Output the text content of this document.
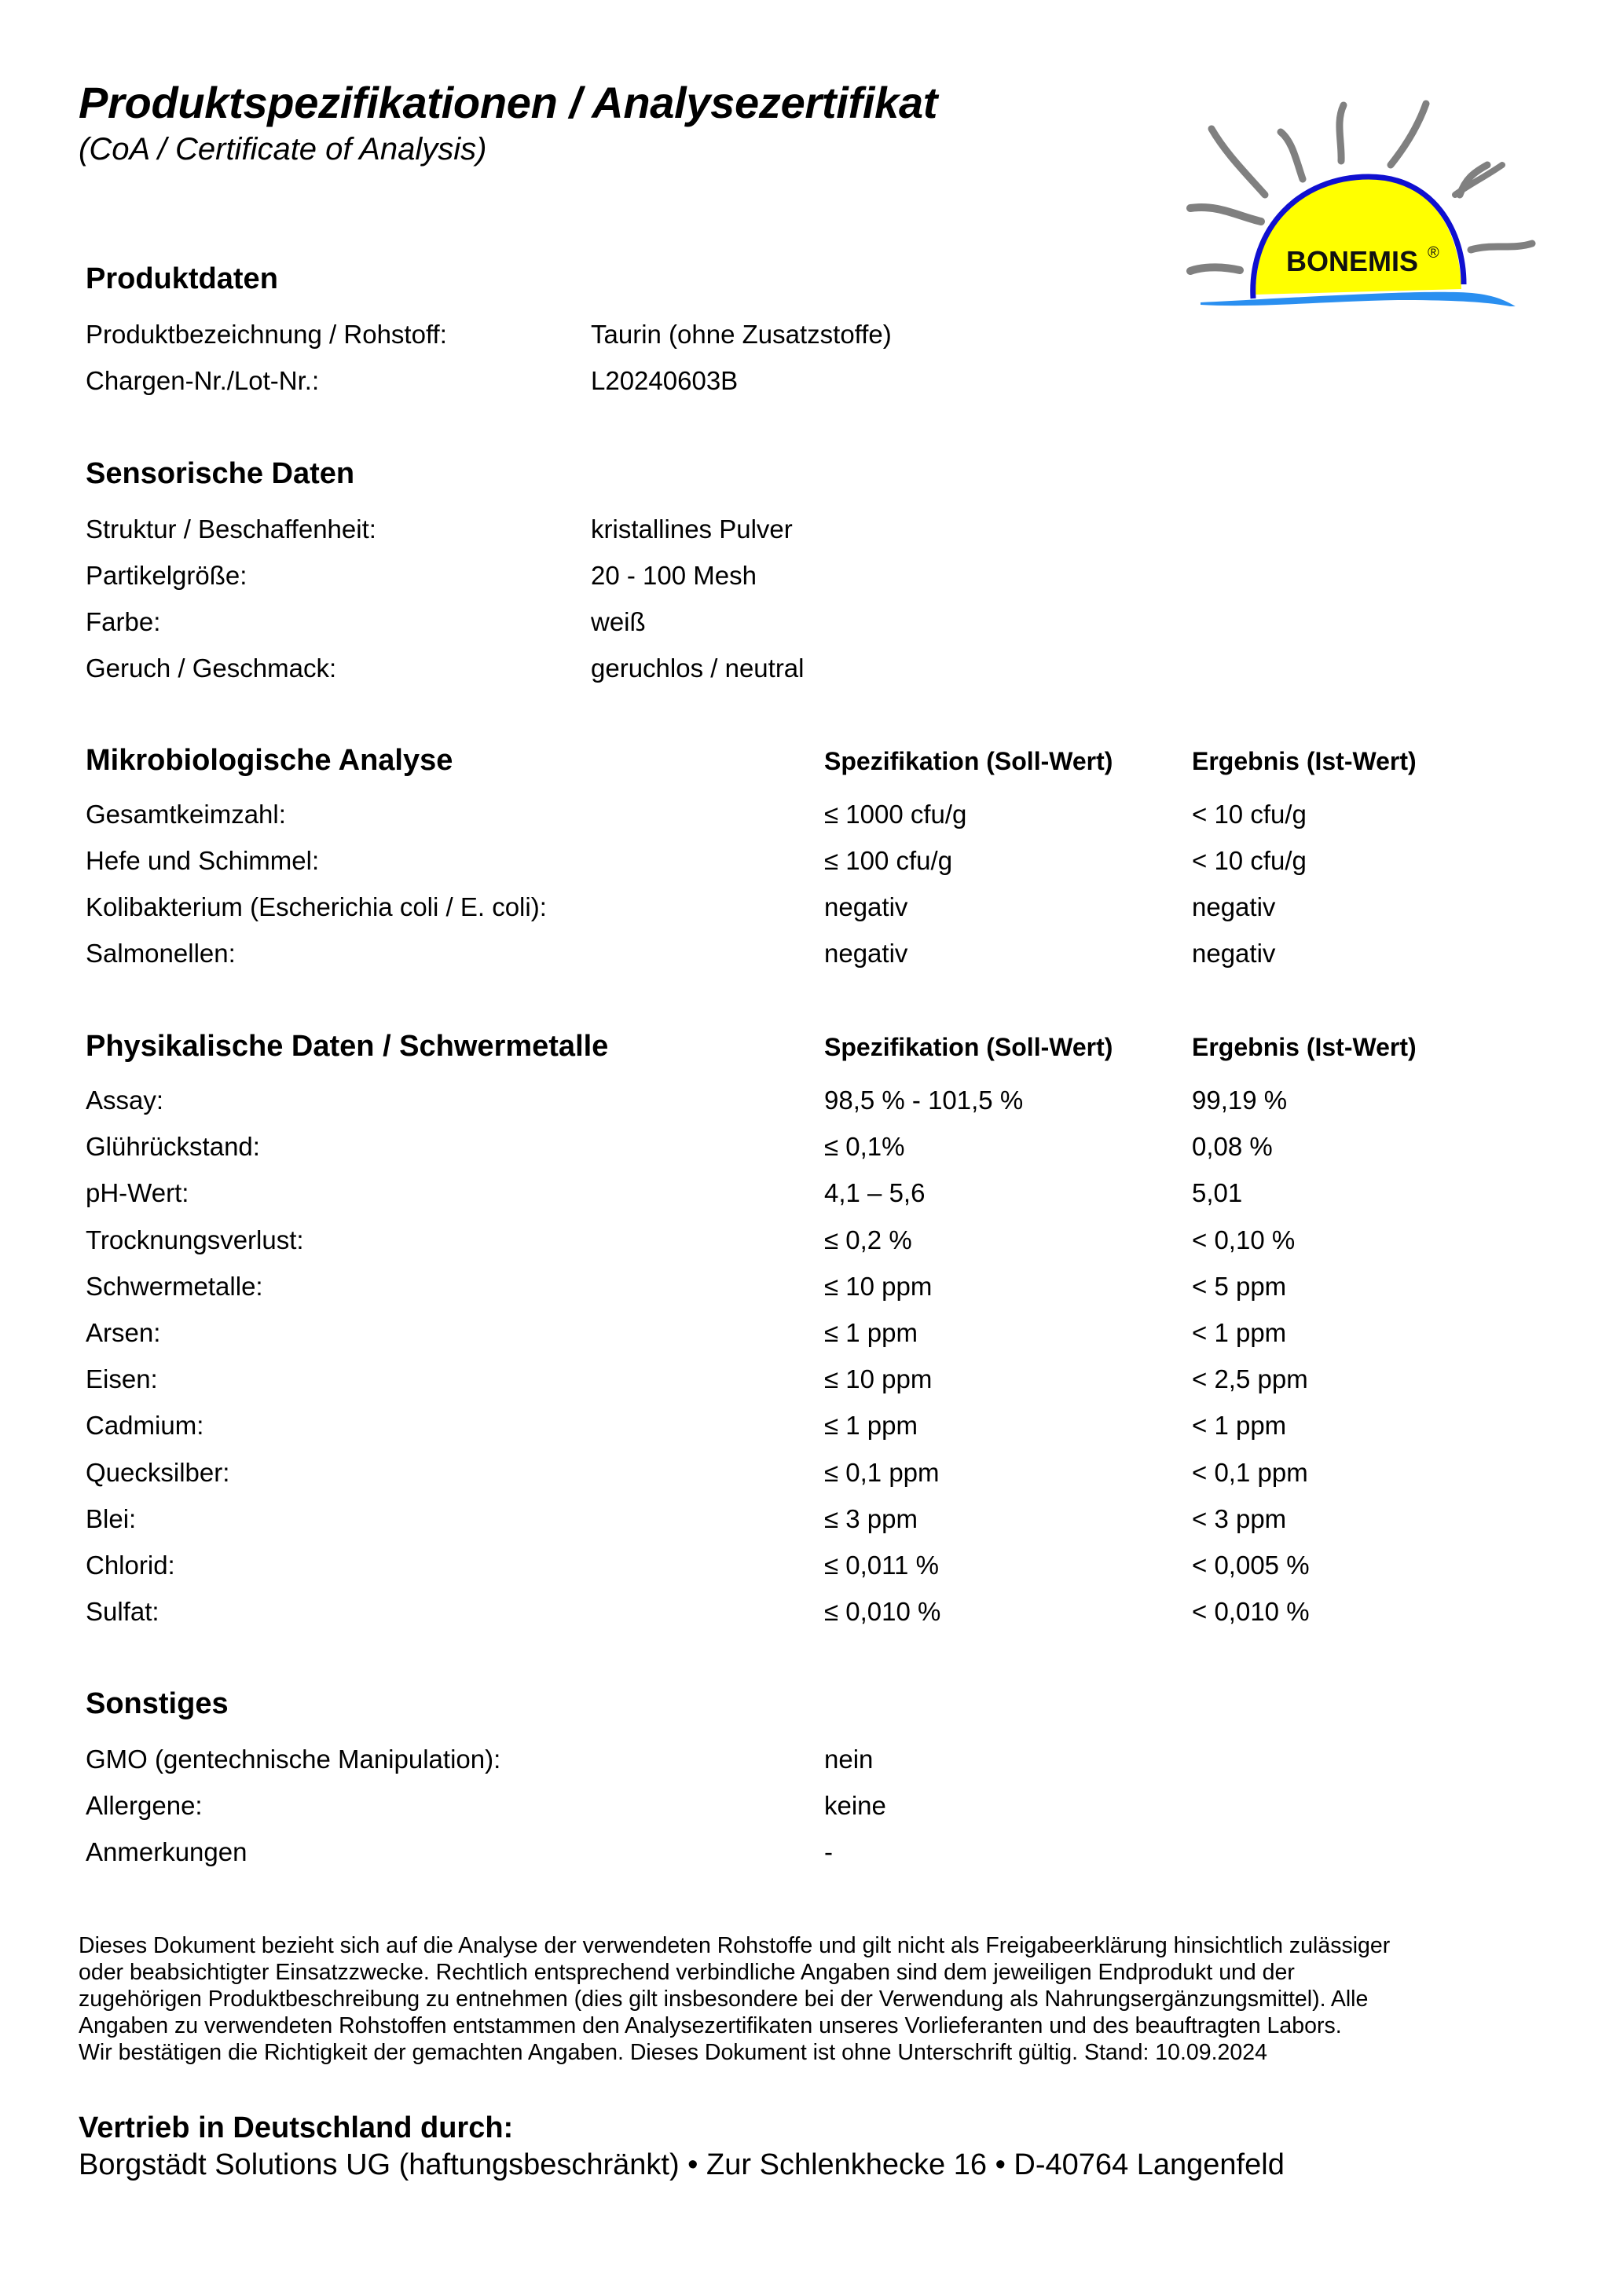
Produktspezifikationen / Analysezertifikat
(CoA / Certificate of Analysis)
BONEMIS ®
Produktdaten
Produktbezeichnung / Rohstoff:	Taurin (ohne Zusatzstoffe)
Chargen-Nr./Lot-Nr.:	L20240603B
Sensorische Daten
Struktur / Beschaffenheit:	kristallines Pulver
Partikelgröße:	20 - 100 Mesh
Farbe:	weiß
Geruch / Geschmack:	geruchlos / neutral
Mikrobiologische Analyse	Spezifikation (Soll-Wert)	Ergebnis (Ist-Wert)
Gesamtkeimzahl:	≤ 1000 cfu/g	< 10 cfu/g
Hefe und Schimmel:	≤ 100 cfu/g	< 10 cfu/g
Kolibakterium (Escherichia coli / E. coli):	negativ	negativ
Salmonellen:	negativ	negativ
Physikalische Daten / Schwermetalle	Spezifikation (Soll-Wert)	Ergebnis (Ist-Wert)
Assay:	98,5 % - 101,5 %	99,19 %
Glührückstand:	≤ 0,1%	0,08 %
pH-Wert:	4,1 – 5,6	5,01
Trocknungsverlust:	≤ 0,2 %	< 0,10 %
Schwermetalle:	≤ 10 ppm	< 5 ppm
Arsen:	≤ 1 ppm	< 1 ppm
Eisen:	≤ 10 ppm	< 2,5 ppm
Cadmium:	≤ 1 ppm	< 1 ppm
Quecksilber:	≤ 0,1 ppm	< 0,1 ppm
Blei:	≤ 3 ppm	< 3 ppm
Chlorid:	≤ 0,011 %	< 0,005 %
Sulfat:	≤ 0,010 %	< 0,010 %
Sonstiges
GMO (gentechnische Manipulation):	nein
Allergene:	keine
Anmerkungen	-
Dieses Dokument bezieht sich auf die Analyse der verwendeten Rohstoffe und gilt nicht als Freigabeerklärung hinsichtlich zulässiger
oder beabsichtigter Einsatzzwecke. Rechtlich entsprechend verbindliche Angaben sind dem jeweiligen Endprodukt und der
zugehörigen Produktbeschreibung zu entnehmen (dies gilt insbesondere bei der Verwendung als Nahrungsergänzungsmittel). Alle
Angaben zu verwendeten Rohstoffen entstammen den Analysezertifikaten unseres Vorlieferanten und des beauftragten Labors.
Wir bestätigen die Richtigkeit der gemachten Angaben. Dieses Dokument ist ohne Unterschrift gültig. Stand: 10.09.2024
Vertrieb in Deutschland durch:
Borgstädt Solutions UG (haftungsbeschränkt) • Zur Schlenkhecke 16 • D-40764 Langenfeld
